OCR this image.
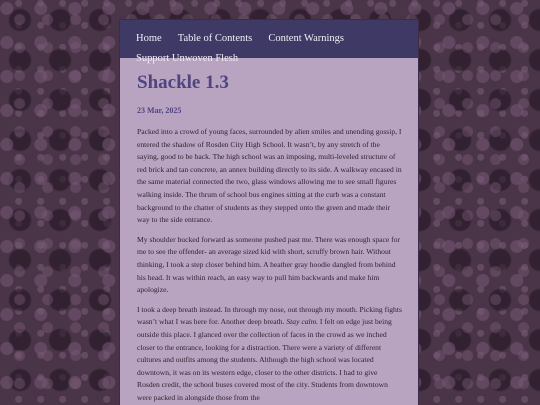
Home Table of Contents Content Warnings
Support Unwoven Flesh
Shackle 1.3
23 Mar, 2025

Packed into a crowd of young faces, surrounded by alien smiles and unending gossip, I entered the shadow of Rosden City High School. It wasn’t, by any stretch of the saying, good to be back. The high school was an imposing, multi-leveled structure of red brick and tan concrete, an annex building directly to its side. A walkway encased in the same material connected the two, glass windows allowing me to see small figures walking inside. The thrum of school bus engines sitting at the curb was a constant background to the chatter of students as they stepped onto the green and made their way to the side entrance.

My shoulder bucked forward as someone pushed past me. There was enough space for me to see the offender- an average sized kid with short, scruffy brown hair. Without thinking, I took a step closer behind him. A heather gray hoodie dangled from behind his head. It was within reach, an easy way to pull him backwards and make him apologize.

I took a deep breath instead. In through my nose, out through my mouth. Picking fights wasn’t what I was here for. Another deep breath. Stay calm. I felt on edge just being outside this place. I glanced over the collection of faces in the crowd as we inched closer to the entrance, looking for a distraction. There were a variety of different cultures and outfits among the students. Although the high school was located downtown, it was on its western edge, closer to the other districts. I had to give Rosden credit, the school buses covered most of the city. Students from downtown were packed in alongside those from the
